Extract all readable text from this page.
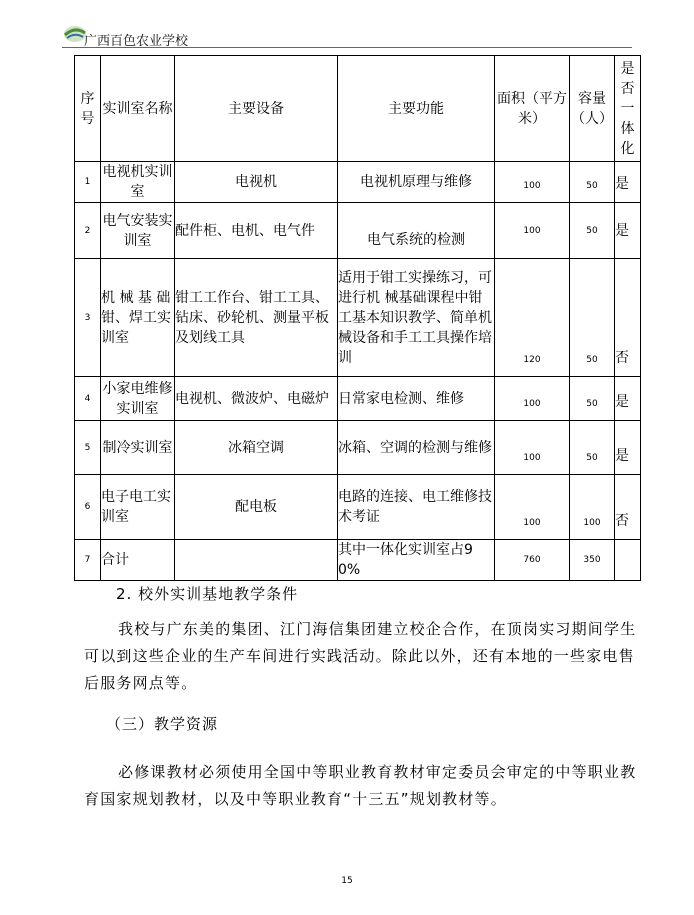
广西百色农业学校
序号	实训室名称	主要设备	主要功能	面积（平方米）	容量（人）	是否一体化
1	电视机实训室	电视机	电视机原理与维修	100	50	是
2	电气安装实训室	配件柜、电机、电气件	电气系统的检测	100	50	是
3	机 械 基 础钳、焊工实训室	钳工工作台、钳工工具、钻床、砂轮机、测量平板及划线工具	适用于钳工实操练习，可进行机 械基础课程中钳工基本知识教学、简单机械设备和手工工具操作培训	120	50	否
4	小家电维修实训室	电视机、微波炉、电磁炉	日常家电检测、维修	100	50	是
5	制冷实训室	冰箱空调	冰箱、空调的检测与维修	100	50	是
6	电子电工实训室	配电板	电路的连接、电工维修技术考证	100	100	否
7	合计		其中一体化实训室占90%	760	350	
2. 校外实训基地教学条件
我校与广东美的集团、江门海信集团建立校企合作，在顶岗实习期间学生可以到这些企业的生产车间进行实践活动。除此以外，还有本地的一些家电售后服务网点等。
（三）教学资源
必修课教材必须使用全国中等职业教育教材审定委员会审定的中等职业教育国家规划教材，以及中等职业教育“十三五”规划教材等。
15
